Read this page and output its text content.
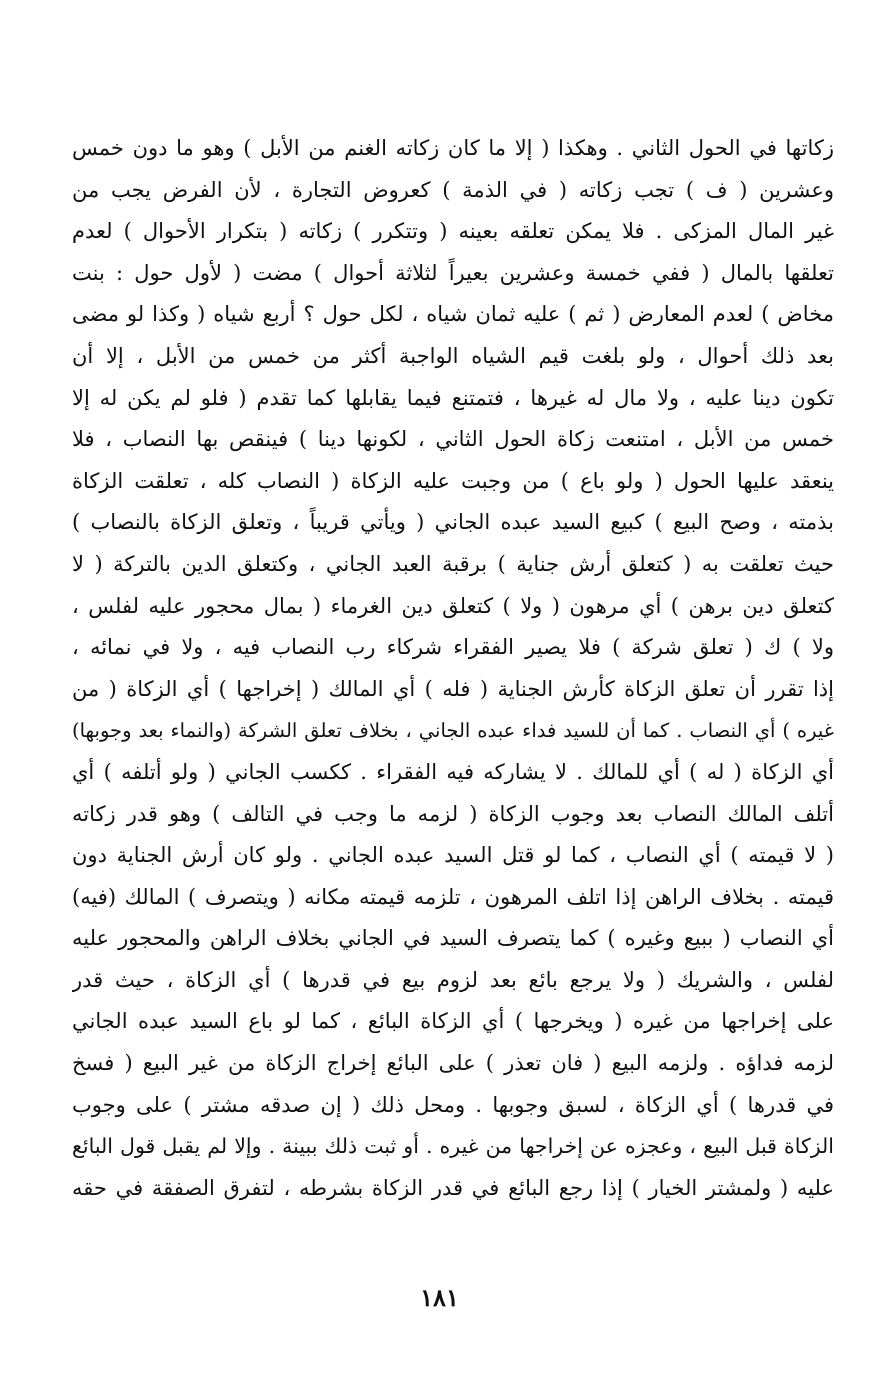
زكاتها في الحول الثاني . وهكذا ( إلا ما كان زكاته الغنم من الأبل ) وهو ما دون خمس
وعشرين ( ف ) تجب زكاته ( في الذمة ) كعروض التجارة ، لأن الفرض يجب من
غير المال المزكى . فلا يمكن تعلقه بعينه ( وتتكرر ) زكاته ( بتكرار الأحوال ) لعدم
تعلقها بالمال ( ففي خمسة وعشرين بعيراً لثلاثة أحوال ) مضت ( لأول حول : بنت
مخاض ) لعدم المعارض ( ثم ) عليه ثمان شياه ، لكل حول ؟ أربع شياه ( وكذا لو مضى
بعد ذلك أحوال ، ولو بلغت قيم الشياه الواجبة أكثر من خمس من الأبل ، إلا أن
تكون دينا عليه ، ولا مال له غيرها ، فتمتنع فيما يقابلها كما تقدم ( فلو لم يكن له إلا
خمس من الأبل ، امتنعت زكاة الحول الثاني ، لكونها دينا ) فينقص بها النصاب ، فلا
ينعقد عليها الحول ( ولو باع ) من وجبت عليه الزكاة ( النصاب كله ، تعلقت الزكاة
بذمته ، وصح البيع ) كبيع السيد عبده الجاني ( ويأتي قريباً ، وتعلق الزكاة بالنصاب )
حيث تعلقت به ( كتعلق أرش جناية ) برقبة العبد الجاني ، وكتعلق الدين بالتركة ( لا
كتعلق دين برهن ) أي مرهون ( ولا ) كتعلق دين الغرماء ( بمال محجور عليه لفلس ،
ولا ) ك ( تعلق شركة ) فلا يصير الفقراء شركاء رب النصاب فيه ، ولا في نمائه ،
إذا تقرر أن تعلق الزكاة كأرش الجناية ( فله ) أي المالك ( إخراجها ) أي الزكاة ( من
غيره ) أي النصاب . كما أن للسيد فداء عبده الجاني ، بخلاف تعلق الشركة (والنماء بعد وجوبها)
أي الزكاة ( له ) أي للمالك . لا يشاركه فيه الفقراء . ككسب الجاني ( ولو أتلفه ) أي
أتلف المالك النصاب بعد وجوب الزكاة ( لزمه ما وجب في التالف ) وهو قدر زكاته
( لا قيمته ) أي النصاب ، كما لو قتل السيد عبده الجاني . ولو كان أرش الجناية دون
قيمته . بخلاف الراهن إذا اتلف المرهون ، تلزمه قيمته مكانه ( ويتصرف ) المالك (فيه)
أي النصاب ( ببيع وغيره ) كما يتصرف السيد في الجاني بخلاف الراهن والمحجور عليه
لفلس ، والشريك ( ولا يرجع بائع بعد لزوم بيع في قدرها ) أي الزكاة ، حيث قدر
على إخراجها من غيره ( ويخرجها ) أي الزكاة البائع ، كما لو باع السيد عبده الجاني
لزمه فداؤه . ولزمه البيع ( فان تعذر ) على البائع إخراج الزكاة من غير البيع ( فسخ
في قدرها ) أي الزكاة ، لسبق وجوبها . ومحل ذلك ( إن صدقه مشتر ) على وجوب
الزكاة قبل البيع ، وعجزه عن إخراجها من غيره . أو ثبت ذلك ببينة . وإلا لم يقبل قول البائع
عليه ( ولمشتر الخيار ) إذا رجع البائع في قدر الزكاة بشرطه ، لتفرق الصفقة في حقه
١٨١
